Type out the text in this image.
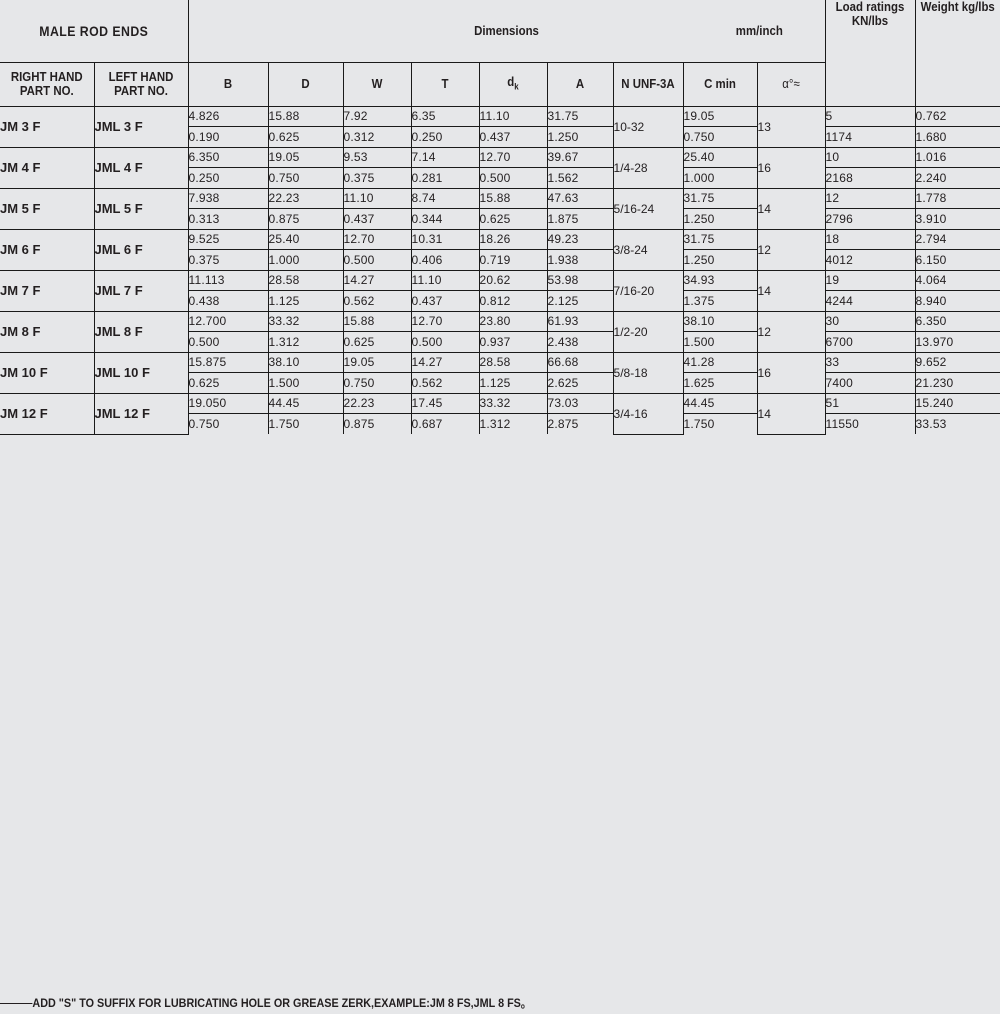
MALE ROD ENDS		Dimensions mm/inch									Load ratings KN/lbs	Weight kg/lbs
RIGHT HAND PART NO.	LEFT HAND PART NO.	B	D	W	T	$d_k$	A	N UNF-3A	C min	α°≈		
JM 3 F	JML 3 F	4.826	15.88	7.92	6.35	11.10	31.75	10-32	19.05	13	5	0.762
		0.190	0.625	0.312	0.250	0.437	1.250		0.750		1174	1.680
JM 4 F	JML 4 F	6.350	19.05	9.53	7.14	12.70	39.67	1/4-28	25.40	16	10	1.016
		0.250	0.750	0.375	0.281	0.500	1.562		1.000		2168	2.240
JM 5 F	JML 5 F	7.938	22.23	11.10	8.74	15.88	47.63	5/16-24	31.75	14	12	1.778
		0.313	0.875	0.437	0.344	0.625	1.875		1.250		2796	3.910
JM 6 F	JML 6 F	9.525	25.40	12.70	10.31	18.26	49.23	3/8-24	31.75	12	18	2.794
		0.375	1.000	0.500	0.406	0.719	1.938		1.250		4012	6.150
JM 7 F	JML 7 F	11.113	28.58	14.27	11.10	20.62	53.98	7/16-20	34.93	14	19	4.064
		0.438	1.125	0.562	0.437	0.812	2.125		1.375		4244	8.940
JM 8 F	JML 8 F	12.700	33.32	15.88	12.70	23.80	61.93	1/2-20	38.10	12	30	6.350
		0.500	1.312	0.625	0.500	0.937	2.438		1.500		6700	13.970
JM 10 F	JML 10 F	15.875	38.10	19.05	14.27	28.58	66.68	5/8-18	41.28	16	33	9.652
		0.625	1.500	0.750	0.562	1.125	2.625		1.625		7400	21.230
JM 12 F	JML 12 F	19.050	44.45	22.23	17.45	33.32	73.03	3/4-16	44.45	14	51	15.240
		0.750	1.750	0.875	0.687	1.312	2.875		1.750		11550	33.53
ADD "S" TO SUFFIX FOR LUBRICATING HOLE OR GREASE ZERK,EXAMPLE:JM 8 FS,JML 8 FS。
